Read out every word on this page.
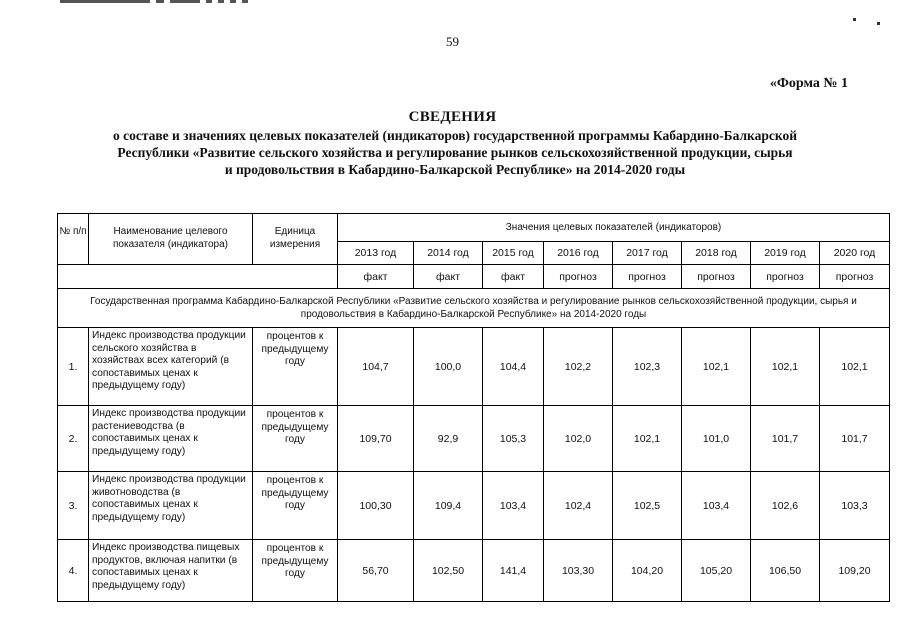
59
«Форма № 1
СВЕДЕНИЯ
о составе и значениях целевых показателей (индикаторов) государственной программы Кабардино-Балкарской
Республики «Развитие сельского хозяйства и регулирование рынков сельскохозяйственной продукции, сырья
и продовольствия в Кабардино-Балкарской Республике» на 2014-2020 годы
№ п/п	Наименование целевого показателя (индикатора)	Единица измерения	Значения целевых показателей (индикаторов)							
			2013 год	2014 год	2015 год	2016 год	2017 год	2018 год	2019 год	2020 год
			факт	факт	факт	прогноз	прогноз	прогноз	прогноз	прогноз
Государственная программа Кабардино-Балкарской Республики «Развитие сельского хозяйства и регулирование рынков сельскохозяйственной продукции, сырья и продовольствия в Кабардино-Балкарской Республике» на 2014-2020 годы										
1.	Индекс производства продукции сельского хозяйства в хозяйствах всех категорий (в сопоставимых ценах к предыдущему году)	процентов к предыдущему году	104,7	100,0	104,4	102,2	102,3	102,1	102,1	102,1
2.	Индекс производства продукции растениеводства (в сопоставимых ценах к предыдущему году)	процентов к предыдущему году	109,70	92,9	105,3	102,0	102,1	101,0	101,7	101,7
3.	Индекс производства продукции животноводства (в сопоставимых ценах к предыдущему году)	процентов к предыдущему году	100,30	109,4	103,4	102,4	102,5	103,4	102,6	103,3
4.	Индекс производства пищевых продуктов, включая напитки (в сопоставимых ценах к предыдущему году)	процентов к предыдущему году	56,70	102,50	141,4	103,30	104,20	105,20	106,50	109,20
